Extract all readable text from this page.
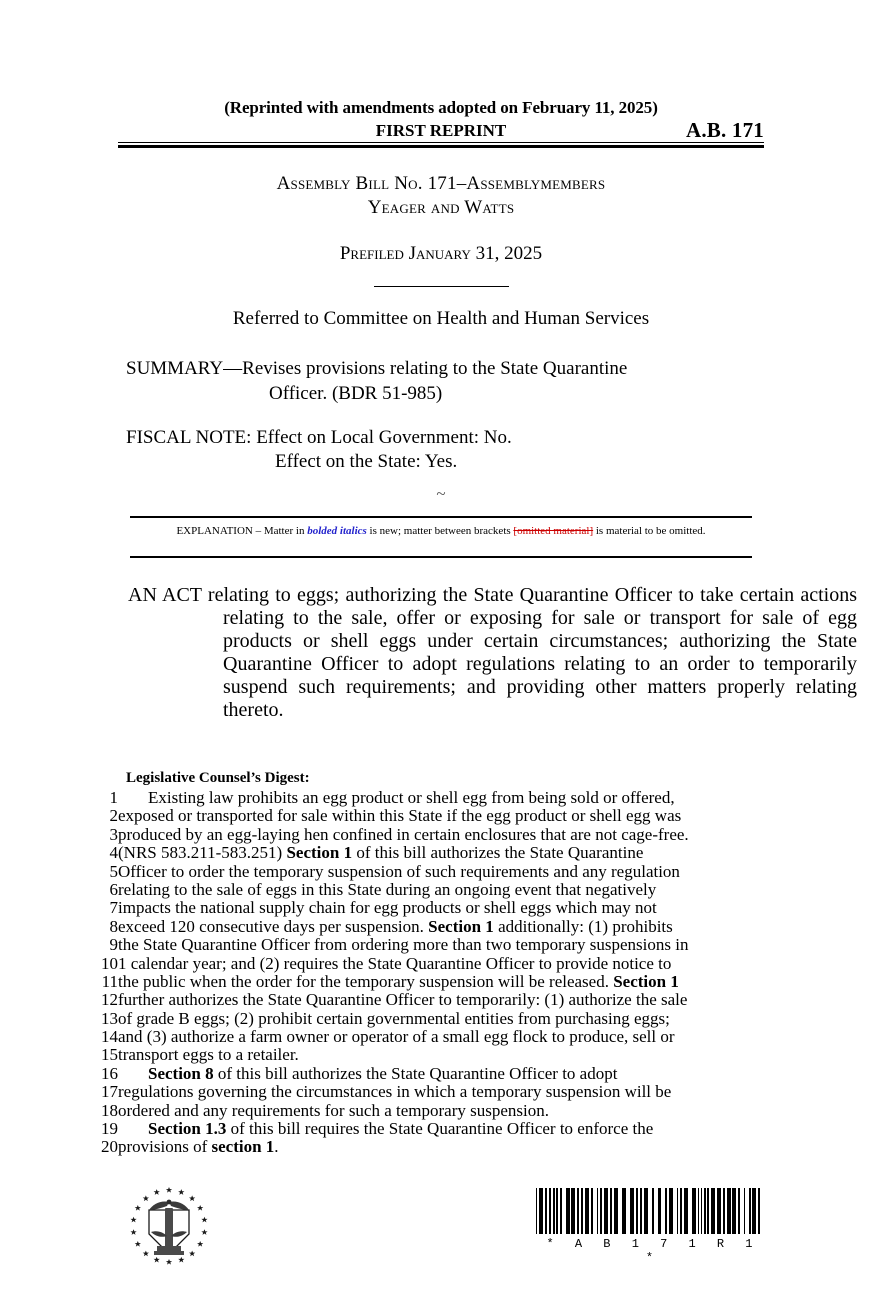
(Reprinted with amendments adopted on February 11, 2025)
FIRST REPRINT	A.B. 171
Assembly Bill No. 171–Assemblymembers
Yeager and Watts
Prefiled January 31, 2025
Referred to Committee on Health and Human Services
SUMMARY—Revises provisions relating to the State Quarantine
Officer. (BDR 51-985)
FISCAL NOTE: Effect on Local Government: No.
Effect on the State: Yes.
~
EXPLANATION – Matter in bolded italics is new; matter between brackets [omitted material] is material to be omitted.
AN ACT relating to eggs; authorizing the State Quarantine Officer to take certain actions relating to the sale, offer or exposing for sale or transport for sale of egg products or shell eggs under certain circumstances; authorizing the State Quarantine Officer to adopt regulations relating to an order to temporarily suspend such requirements; and providing other matters properly relating thereto.
Legislative Counsel’s Digest:
1	Existing law prohibits an egg product or shell egg from being sold or offered,
2 exposed or transported for sale within this State if the egg product or shell egg was
3 produced by an egg-laying hen confined in certain enclosures that are not cage-free.
4 (NRS 583.211-583.251) Section 1 of this bill authorizes the State Quarantine
5 Officer to order the temporary suspension of such requirements and any regulation
6 relating to the sale of eggs in this State during an ongoing event that negatively
7 impacts the national supply chain for egg products or shell eggs which may not
8 exceed 120 consecutive days per suspension. Section 1 additionally: (1) prohibits
9 the State Quarantine Officer from ordering more than two temporary suspensions in
10 1 calendar year; and (2) requires the State Quarantine Officer to provide notice to
11 the public when the order for the temporary suspension will be released. Section 1
12 further authorizes the State Quarantine Officer to temporarily: (1) authorize the sale
13 of grade B eggs; (2) prohibit certain governmental entities from purchasing eggs;
14 and (3) authorize a farm owner or operator of a small egg flock to produce, sell or
15 transport eggs to a retailer.
16	Section 8 of this bill authorizes the State Quarantine Officer to adopt
17 regulations governing the circumstances in which a temporary suspension will be
18 ordered and any requirements for such a temporary suspension.
19	Section 1.3 of this bill requires the State Quarantine Officer to enforce the
20 provisions of section 1.
* A B 1 7 1 R 1 *
